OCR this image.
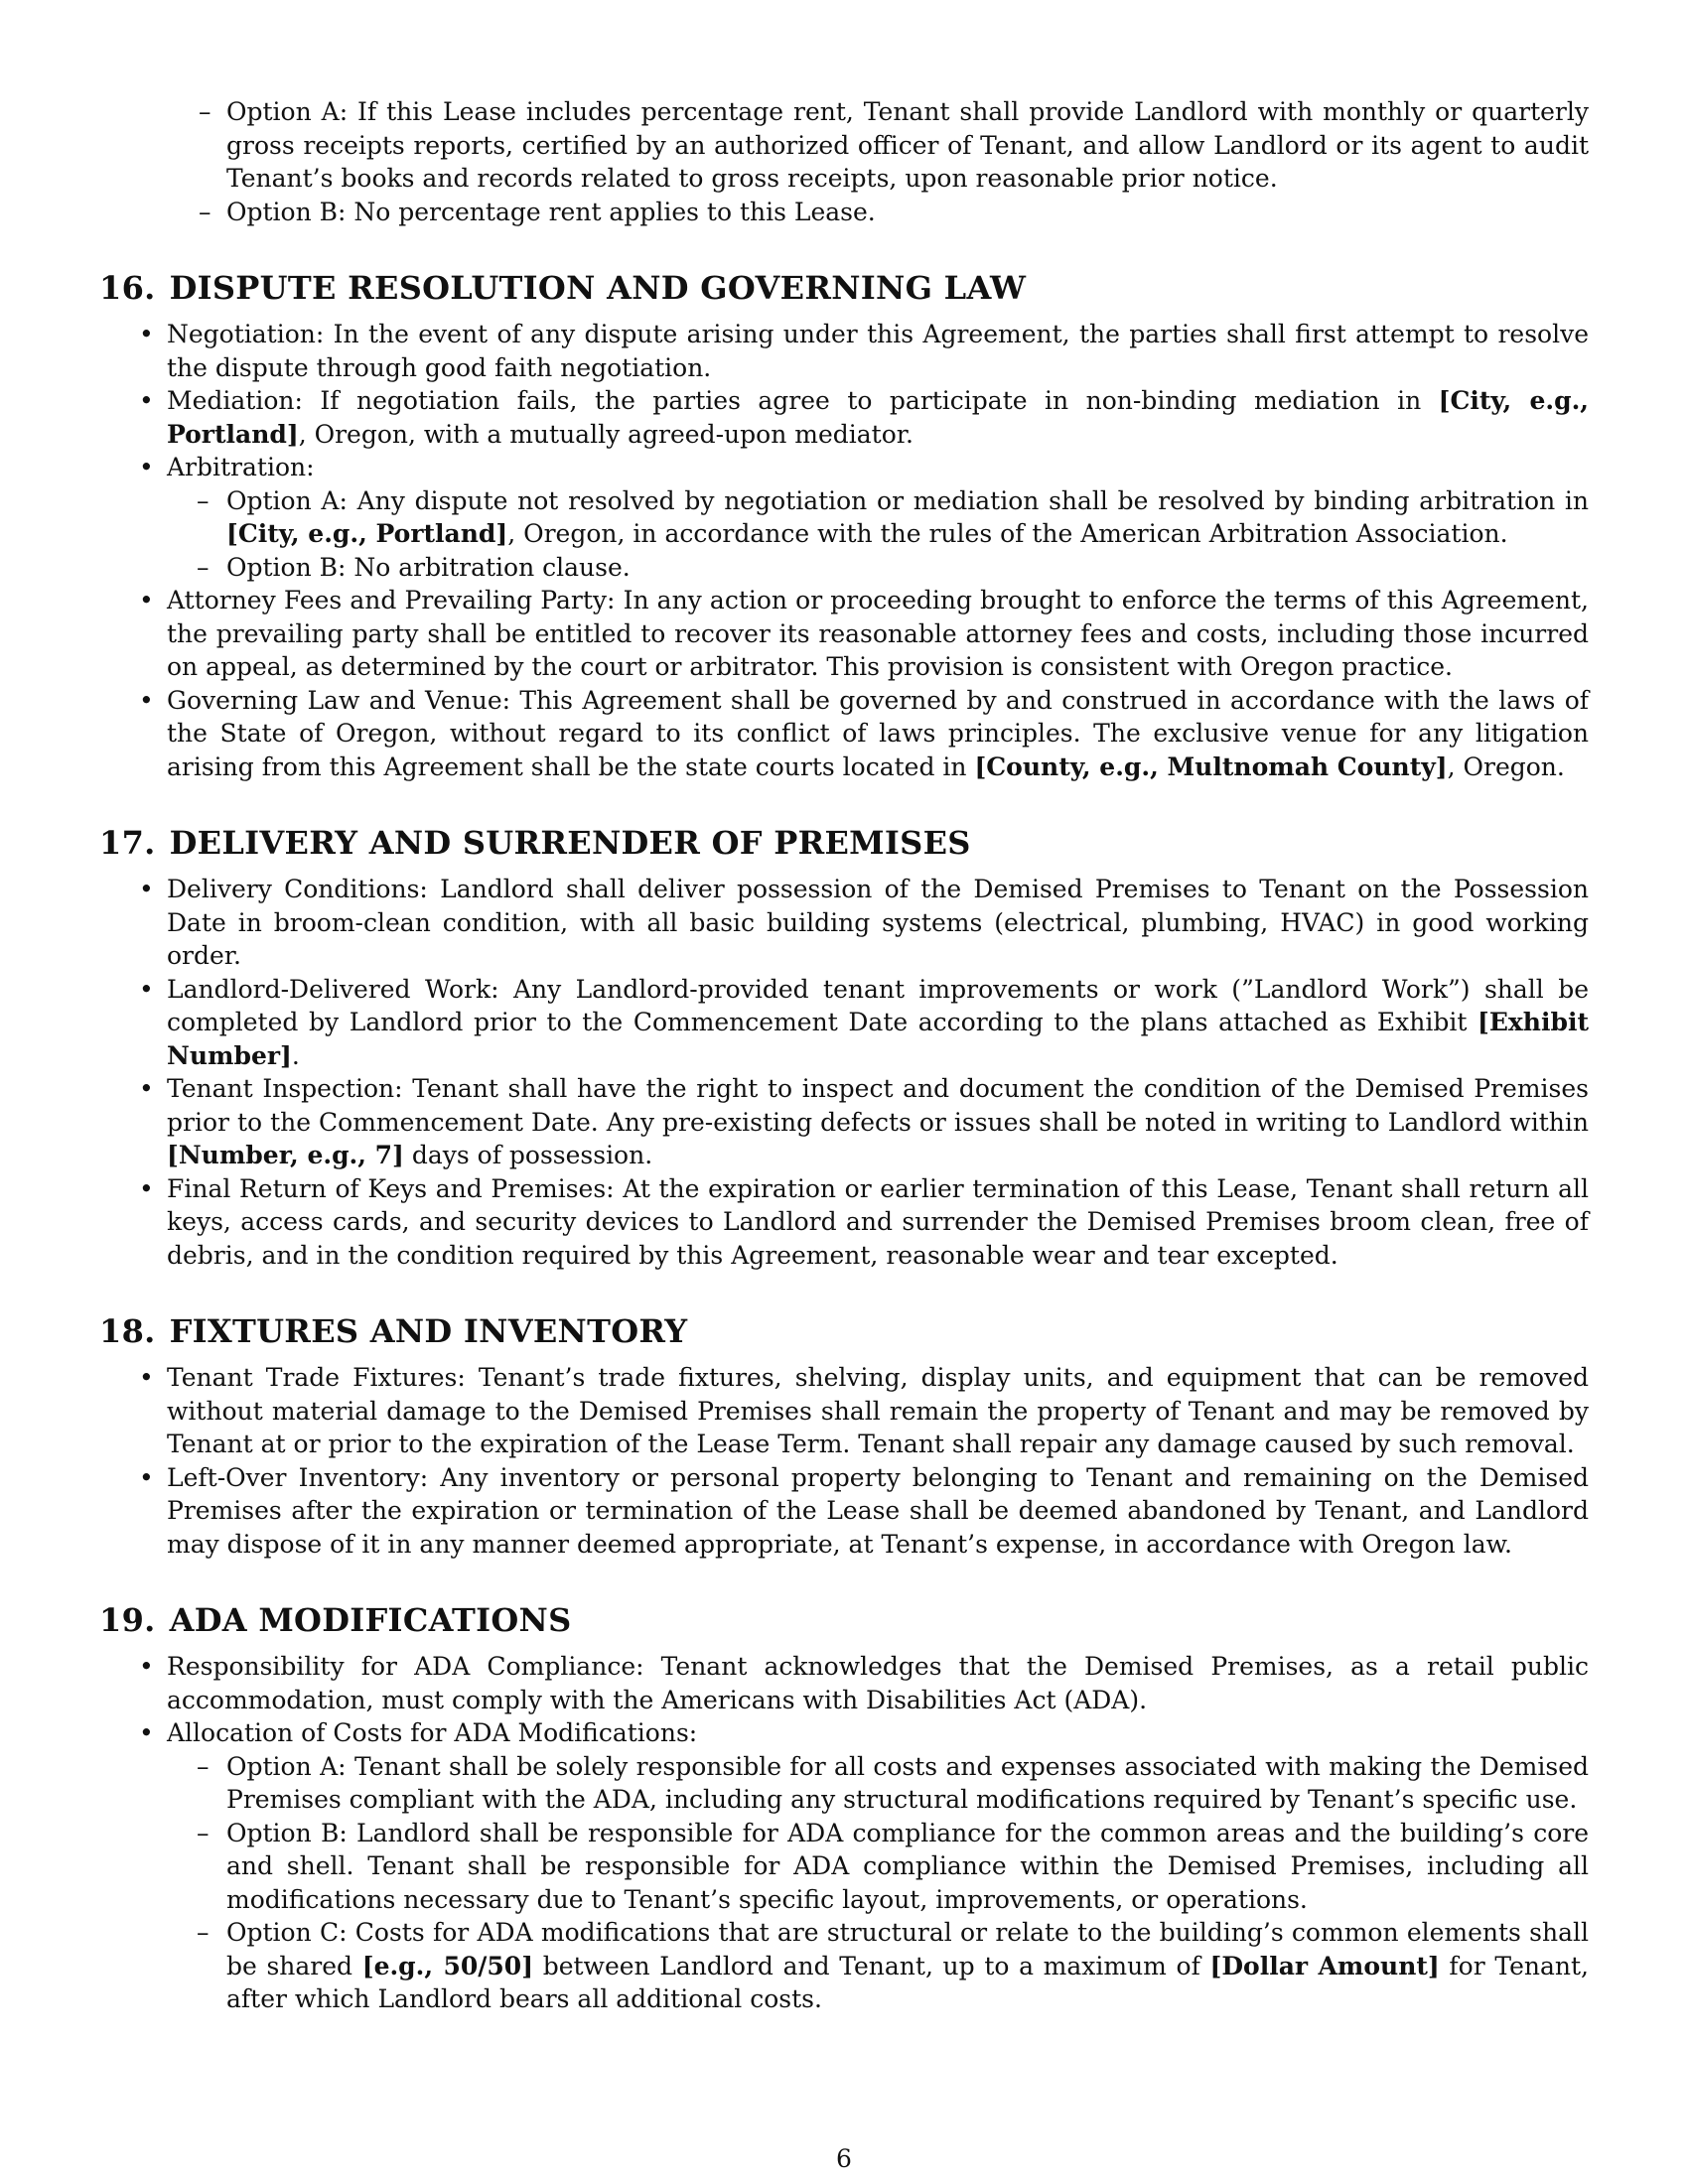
– Option A: If this Lease includes percentage rent, Tenant shall provide Landlord with monthly or quarterly gross receipts reports, certified by an authorized officer of Tenant, and allow Landlord or its agent to audit Tenant’s books and records related to gross receipts, upon reasonable prior notice.
– Option B: No percentage rent applies to this Lease.
16. DISPUTE RESOLUTION AND GOVERNING LAW
• Negotiation: In the event of any dispute arising under this Agreement, the parties shall first attempt to resolve the dispute through good faith negotiation.
• Mediation: If negotiation fails, the parties agree to participate in non-binding mediation in [City, e.g., Portland], Oregon, with a mutually agreed-upon mediator.
• Arbitration:
– Option A: Any dispute not resolved by negotiation or mediation shall be resolved by binding arbitration in [City, e.g., Portland], Oregon, in accordance with the rules of the American Arbitration Association.
– Option B: No arbitration clause.
• Attorney Fees and Prevailing Party: In any action or proceeding brought to enforce the terms of this Agreement, the prevailing party shall be entitled to recover its reasonable attorney fees and costs, including those incurred on appeal, as determined by the court or arbitrator. This provision is consistent with Oregon practice.
• Governing Law and Venue: This Agreement shall be governed by and construed in accordance with the laws of the State of Oregon, without regard to its conflict of laws principles. The exclusive venue for any litigation arising from this Agreement shall be the state courts located in [County, e.g., Multnomah County], Oregon.
17. DELIVERY AND SURRENDER OF PREMISES
• Delivery Conditions: Landlord shall deliver possession of the Demised Premises to Tenant on the Possession Date in broom-clean condition, with all basic building systems (electrical, plumbing, HVAC) in good working order.
• Landlord-Delivered Work: Any Landlord-provided tenant improvements or work (”Landlord Work”) shall be completed by Landlord prior to the Commencement Date according to the plans attached as Exhibit [Exhibit Number].
• Tenant Inspection: Tenant shall have the right to inspect and document the condition of the Demised Premises prior to the Commencement Date. Any pre-existing defects or issues shall be noted in writing to Landlord within [Number, e.g., 7] days of possession.
• Final Return of Keys and Premises: At the expiration or earlier termination of this Lease, Tenant shall return all keys, access cards, and security devices to Landlord and surrender the Demised Premises broom clean, free of debris, and in the condition required by this Agreement, reasonable wear and tear excepted.
18. FIXTURES AND INVENTORY
• Tenant Trade Fixtures: Tenant’s trade fixtures, shelving, display units, and equipment that can be removed without material damage to the Demised Premises shall remain the property of Tenant and may be removed by Tenant at or prior to the expiration of the Lease Term. Tenant shall repair any damage caused by such removal.
• Left-Over Inventory: Any inventory or personal property belonging to Tenant and remaining on the Demised Premises after the expiration or termination of the Lease shall be deemed abandoned by Tenant, and Landlord may dispose of it in any manner deemed appropriate, at Tenant’s expense, in accordance with Oregon law.
19. ADA MODIFICATIONS
• Responsibility for ADA Compliance: Tenant acknowledges that the Demised Premises, as a retail public accommodation, must comply with the Americans with Disabilities Act (ADA).
• Allocation of Costs for ADA Modifications:
– Option A: Tenant shall be solely responsible for all costs and expenses associated with making the Demised Premises compliant with the ADA, including any structural modifications required by Tenant’s specific use.
– Option B: Landlord shall be responsible for ADA compliance for the common areas and the building’s core and shell. Tenant shall be responsible for ADA compliance within the Demised Premises, including all modifications necessary due to Tenant’s specific layout, improvements, or operations.
– Option C: Costs for ADA modifications that are structural or relate to the building’s common elements shall be shared [e.g., 50/50] between Landlord and Tenant, up to a maximum of [Dollar Amount] for Tenant, after which Landlord bears all additional costs.
6
